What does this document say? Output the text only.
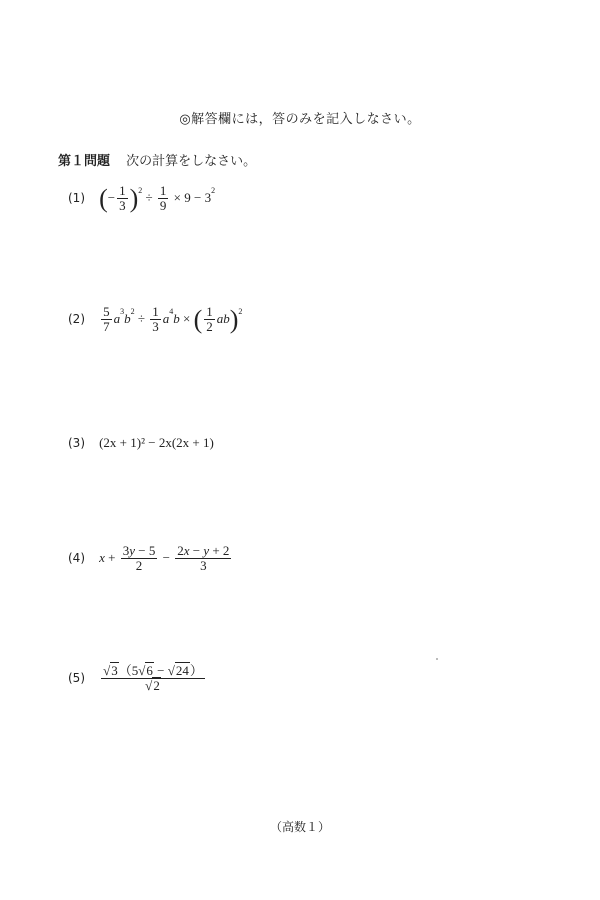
◎解答欄には，答のみを記入しなさい。
第１問題 次の計算をしなさい。
(1) (− $\frac{1}{3} )^2 \div \frac{1}{9} \times 9 - 3^2$
$(2) \frac{5}{7} a^3b^2 \div \frac{1}{3} a^4b$ × ( $\frac{1}{2} ab)^2$
(3) (2x + 1)² − 2x(2x + 1)
(4) $x + \frac{3y - 5}{2} - \frac{2x - y + 2}{3}$
$(5) \frac{√3(5√6 - √24)}{√2}$
（高数１）
